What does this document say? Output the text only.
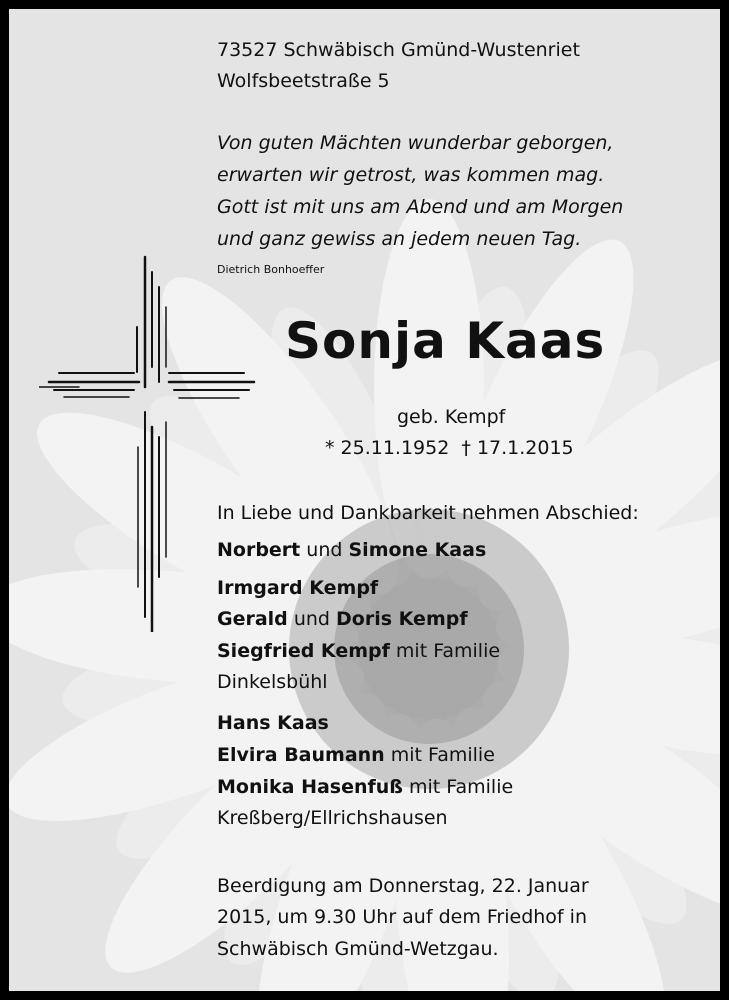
73527 Schwäbisch Gmünd-Wustenriet
Wolfsbeetstraße 5
Von guten Mächten wunderbar geborgen,
erwarten wir getrost, was kommen mag.
Gott ist mit uns am Abend und am Morgen
und ganz gewiss an jedem neuen Tag.
Dietrich Bonhoeffer
Sonja Kaas
geb. Kempf
* 25.11.1952  † 17.1.2015
In Liebe und Dankbarkeit nehmen Abschied:
Norbert und Simone Kaas
Irmgard Kempf
Gerald und Doris Kempf
Siegfried Kempf mit Familie
Dinkelsbühl
Hans Kaas
Elvira Baumann mit Familie
Monika Hasenfuß mit Familie
Kreßberg/Ellrichshausen
Beerdigung am Donnerstag, 22. Januar
2015, um 9.30 Uhr auf dem Friedhof in
Schwäbisch Gmünd-Wetzgau.
